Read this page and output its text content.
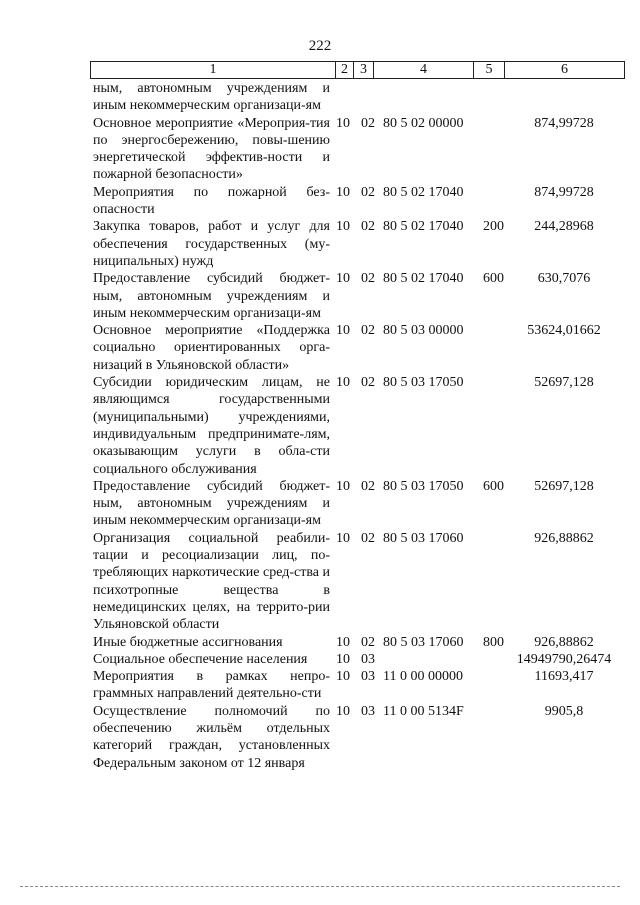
222
1	2 3	4	5	6
ным, автономным учреждениям и иным некоммерческим организаци-ям
Основное мероприятие «Мероприя-тия по энергосбережению, повы-шению энергетической эффектив-ности и пожарной безопасности»
10 02 80 5 02 00000	874,99728
Мероприятия по пожарной без-опасности
10 02 80 5 02 17040	874,99728
Закупка товаров, работ и услуг для обеспечения государственных (му-ниципальных) нужд
10 02 80 5 02 17040	200	244,28968
Предоставление субсидий бюджет-ным, автономным учреждениям и иным некоммерческим организаци-ям
10 02 80 5 02 17040	600	630,7076
Основное мероприятие «Поддержка социально ориентированных орга-низаций в Ульяновской области»
10 02 80 5 03 00000	53624,01662
Субсидии юридическим лицам, не являющимся государственными (муниципальными) учреждениями, индивидуальным предпринимате-лям, оказывающим услуги в обла-сти социального обслуживания
10 02 80 5 03 17050	52697,128
Предоставление субсидий бюджет-ным, автономным учреждениям и иным некоммерческим организаци-ям
10 02 80 5 03 17050	600	52697,128
Организация социальной реабили-тации и ресоциализации лиц, по-требляющих наркотические сред-ства и психотропные вещества в немедицинских целях, на террито-рии Ульяновской области
10 02 80 5 03 17060	926,88862
Иные бюджетные ассигнования	10 02 80 5 03 17060	800	926,88862
Социальное обеспечение населения	10 03	14949790,26474
Мероприятия в рамках непро-граммных направлений деятельно-сти
10 03 11 0 00 00000	11693,417
Осуществление полномочий по обеспечению жильём отдельных категорий граждан, установленных Федеральным законом от 12 января
10 03 11 0 00 5134F	9905,8
